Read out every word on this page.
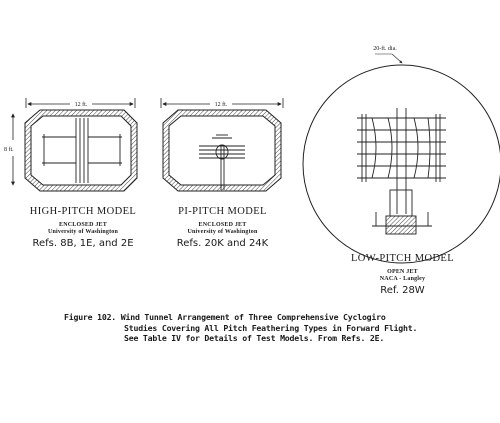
12 ft.
8 ft.
12 ft.
20-ft. dia.
HIGH-PITCH MODEL
ENCLOSED JET
University of Washington
Refs. 8B, 1E, and 2E
PI-PITCH MODEL
ENCLOSED JET
University of Washington
Refs. 20K and 24K
LOW-PITCH MODEL
OPEN JET
NACA - Langley
Ref. 28W
Figure 102. Wind Tunnel Arrangement of Three Comprehensive Cyclogiro
Studies Covering All Pitch Feathering Types in Forward Flight.
See Table IV for Details of Test Models. From Refs. 2E.
